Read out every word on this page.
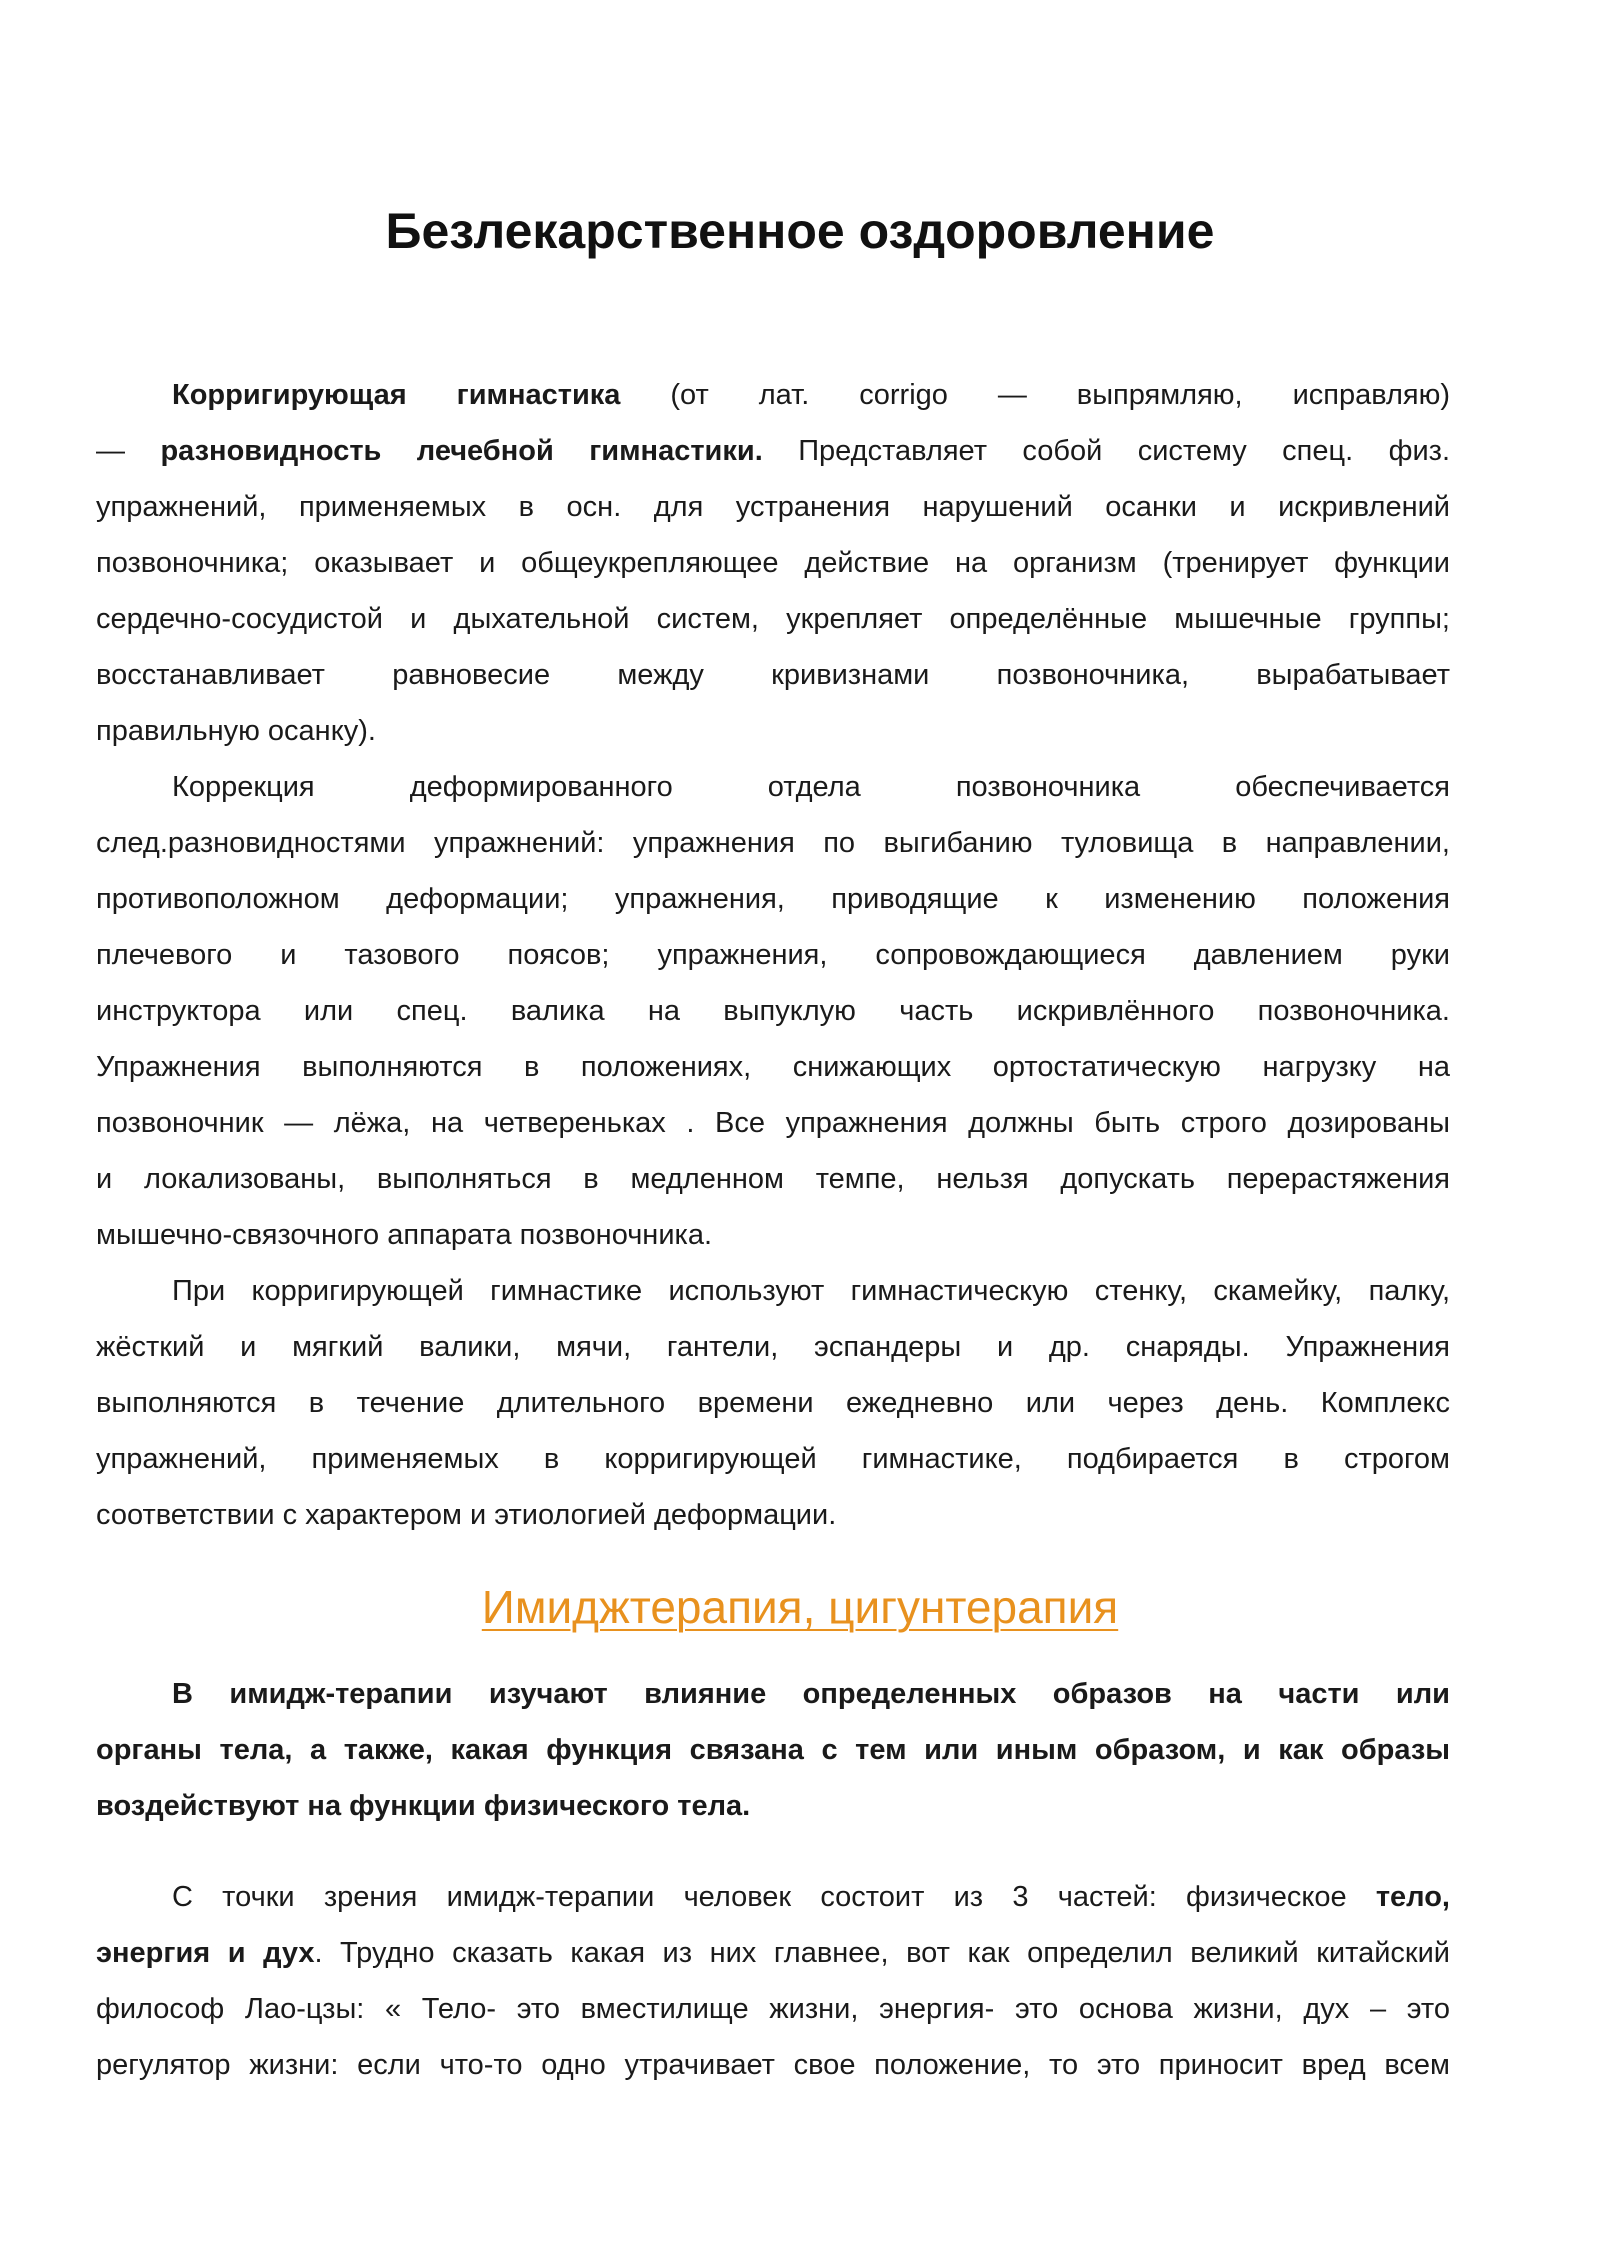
Безлекарственное оздоровление
Корригирующая гимнастика (от лат. corrigo — выпрямляю, исправляю)
— разновидность лечебной гимнастики. Представляет собой систему спец. физ.
упражнений, применяемых в осн. для устранения нарушений осанки и искривлений
позвоночника; оказывает и общеукрепляющее действие на организм (тренирует функции
сердечно-сосудистой и дыхательной систем, укрепляет определённые мышечные группы;
восстанавливает равновесие между кривизнами позвоночника, вырабатывает
правильную осанку).
Коррекция деформированного отдела позвоночника обеспечивается
след.разновидностями упражнений: упражнения по выгибанию туловища в направлении,
противоположном деформации; упражнения, приводящие к изменению положения
плечевого и тазового поясов; упражнения, сопровождающиеся давлением руки
инструктора или спец. валика на выпуклую часть искривлённого позвоночника.
Упражнения выполняются в положениях, снижающих ортостатическую нагрузку на
позвоночник — лёжа, на четвереньках . Все упражнения должны быть строго дозированы
и локализованы, выполняться в медленном темпе, нельзя допускать перерастяжения
мышечно-связочного аппарата позвоночника.
При корригирующей гимнастике используют гимнастическую стенку, скамейку, палку,
жёсткий и мягкий валики, мячи, гантели, эспандеры и др. снаряды. Упражнения
выполняются в течение длительного времени ежедневно или через день. Комплекс
упражнений, применяемых в корригирующей гимнастике, подбирается в строгом
соответствии с характером и этиологией деформации.
Имиджтерапия, цигунтерапия
В имидж-терапии изучают влияние определенных образов на части или
органы тела, а также, какая функция связана с тем или иным образом, и как образы
воздействуют на функции физического тела.
С точки зрения имидж-терапии человек состоит из 3 частей: физическое тело,
энергия и дух. Трудно сказать какая из них главнее, вот как определил великий китайский
философ Лао-цзы: « Тело- это вместилище жизни, энергия- это основа жизни, дух – это
регулятор жизни: если что-то одно утрачивает свое положение, то это приносит вред всем
